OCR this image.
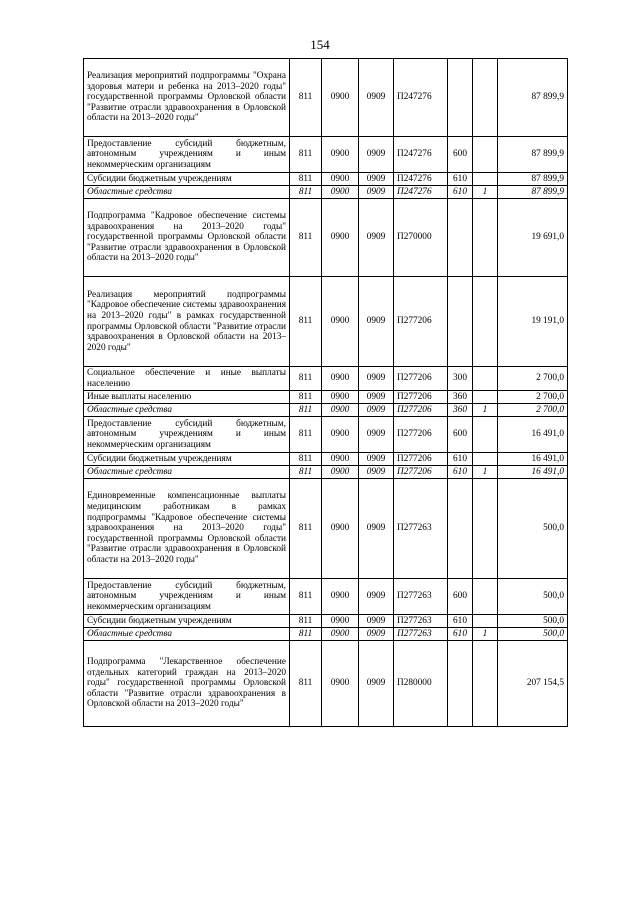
154
Реализация мероприятий подпрограммы "Охрана здоровья матери и ребенка на 2013–2020 годы" государственной программы Орловской области "Развитие отрасли здравоохранения в Орловской области на 2013–2020 годы"	811	0900	0909	П247276			87 899,9
Предоставление субсидий бюджетным, автономным учреждениям и иным некоммерческим организациям	811	0900	0909	П247276	600		87 899,9
Субсидии бюджетным учреждениям	811	0900	0909	П247276	610		87 899,9
Областные средства	811	0900	0909	П247276	610	1	87 899,9
Подпрограмма "Кадровое обеспечение системы здравоохранения на 2013–2020 годы" государственной программы Орловской области "Развитие отрасли здравоохранения в Орловской области на 2013–2020 годы"	811	0900	0909	П270000			19 691,0
Реализация мероприятий подпрограммы "Кадровое обеспечение системы здравоохранения на 2013–2020 годы" в рамках государственной программы Орловской области "Развитие отрасли здравоохранения в Орловской области на 2013–2020 годы"	811	0900	0909	П277206			19 191,0
Социальное обеспечение и иные выплаты населению	811	0900	0909	П277206	300		2 700,0
Иные выплаты населению	811	0900	0909	П277206	360		2 700,0
Областные средства	811	0900	0909	П277206	360	1	2 700,0
Предоставление субсидий бюджетным, автономным учреждениям и иным некоммерческим организациям	811	0900	0909	П277206	600		16 491,0
Субсидии бюджетным учреждениям	811	0900	0909	П277206	610		16 491,0
Областные средства	811	0900	0909	П277206	610	1	16 491,0
Единовременные компенсационные выплаты медицинским работникам в рамках подпрограммы "Кадровое обеспечение системы здравоохранения на 2013–2020 годы" государственной программы Орловской области "Развитие отрасли здравоохранения в Орловской области на 2013–2020 годы"	811	0900	0909	П277263			500,0
Предоставление субсидий бюджетным, автономным учреждениям и иным некоммерческим организациям	811	0900	0909	П277263	600		500,0
Субсидии бюджетным учреждениям	811	0900	0909	П277263	610		500,0
Областные средства	811	0900	0909	П277263	610	1	500,0
Подпрограмма "Лекарственное обеспечение отдельных категорий граждан на 2013–2020 годы" государственной программы Орловской области "Развитие отрасли здравоохранения в Орловской области на 2013–2020 годы"	811	0900	0909	П280000			207 154,5
